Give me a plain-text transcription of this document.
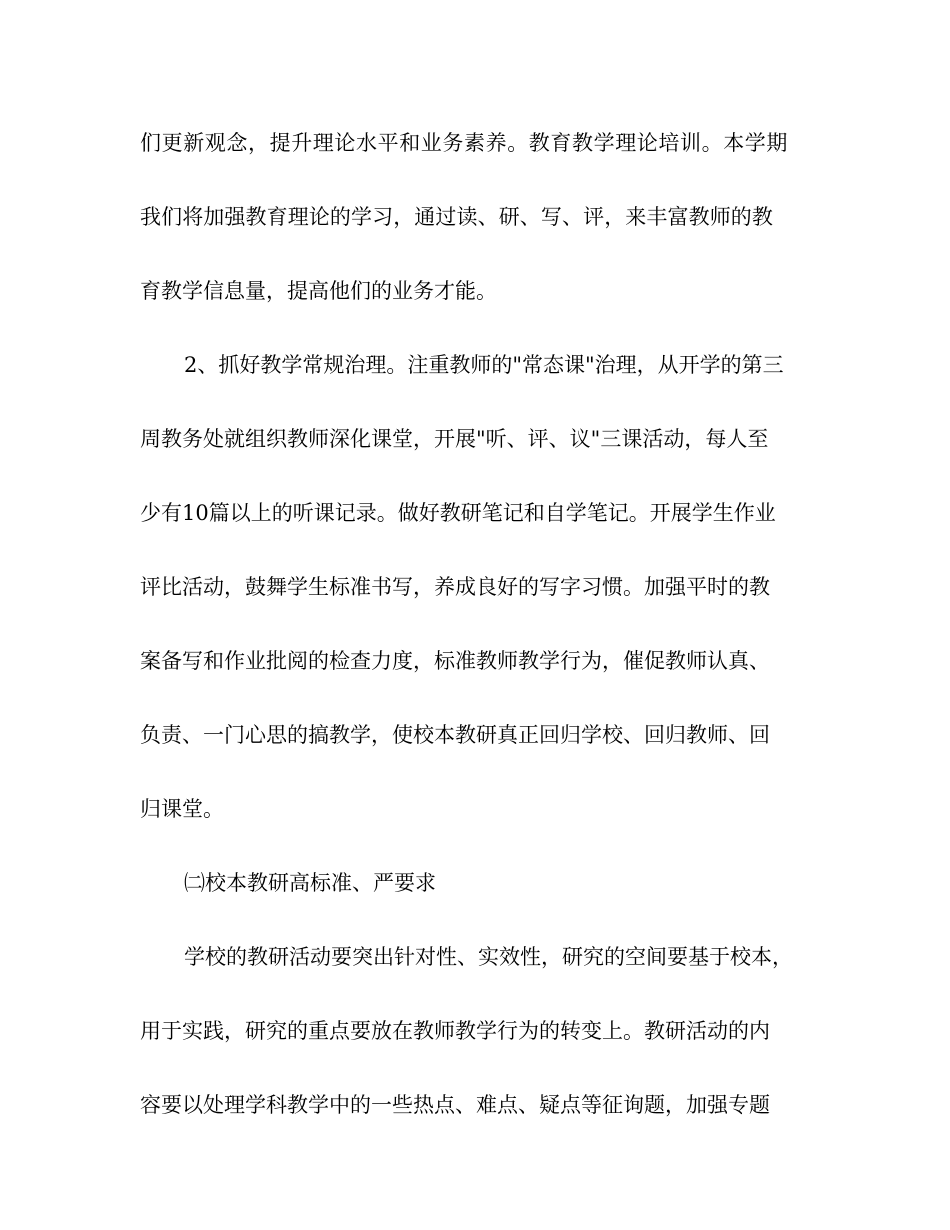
们更新观念，提升理论水平和业务素养。教育教学理论培训。本学期
我们将加强教育理论的学习，通过读、研、写、评，来丰富教师的教
育教学信息量，提高他们的业务才能。
2、抓好教学常规治理。注重教师的"常态课"治理，从开学的第三
周教务处就组织教师深化课堂，开展"听、评、议"三课活动，每人至
少有10篇以上的听课记录。做好教研笔记和自学笔记。开展学生作业
评比活动，鼓舞学生标准书写，养成良好的写字习惯。加强平时的教
案备写和作业批阅的检查力度，标准教师教学行为，催促教师认真、
负责、一门心思的搞教学，使校本教研真正回归学校、回归教师、回
归课堂。
㈡校本教研高标准、严要求
学校的教研活动要突出针对性、实效性，研究的空间要基于校本，
用于实践，研究的重点要放在教师教学行为的转变上。教研活动的内
容要以处理学科教学中的一些热点、难点、疑点等征询题，加强专题
